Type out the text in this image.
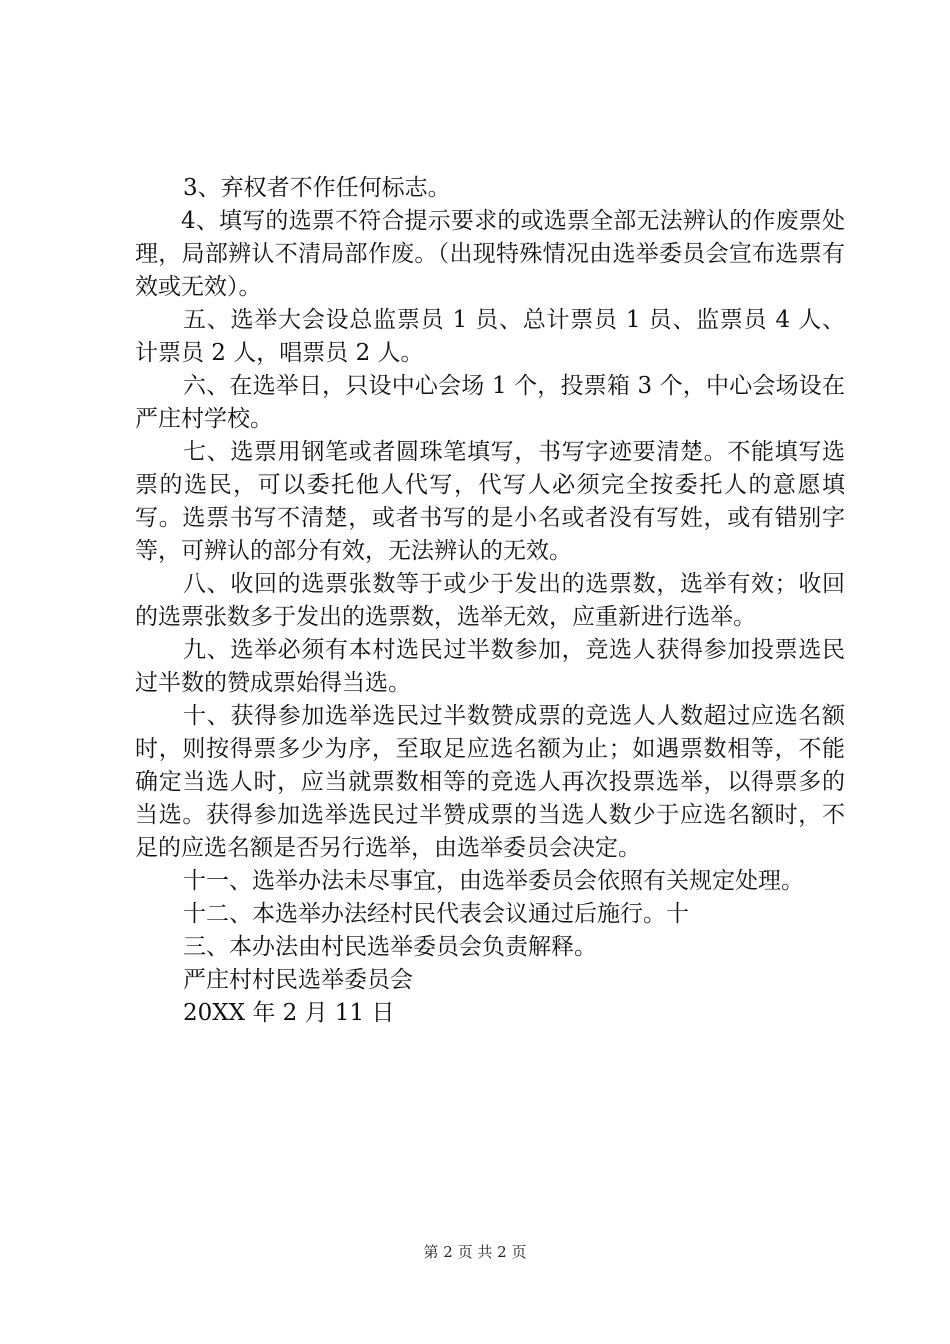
3、弃权者不作任何标志。

4、填写的选票不符合提示要求的或选票全部无法辨认的作废票处理，局部辨认不清局部作废。（出现特殊情况由选举委员会宣布选票有效或无效）。

五、选举大会设总监票员 1 员、总计票员 1 员、监票员 4 人、计票员 2 人，唱票员 2 人。

六、在选举日，只设中心会场 1 个，投票箱 3 个，中心会场设在严庄村学校。

七、选票用钢笔或者圆珠笔填写，书写字迹要清楚。不能填写选票的选民，可以委托他人代写，代写人必须完全按委托人的意愿填写。选票书写不清楚，或者书写的是小名或者没有写姓，或有错别字等，可辨认的部分有效，无法辨认的无效。

八、收回的选票张数等于或少于发出的选票数，选举有效；收回的选票张数多于发出的选票数，选举无效，应重新进行选举。

九、选举必须有本村选民过半数参加，竞选人获得参加投票选民过半数的赞成票始得当选。

十、获得参加选举选民过半数赞成票的竞选人人数超过应选名额时，则按得票多少为序，至取足应选名额为止；如遇票数相等，不能确定当选人时，应当就票数相等的竞选人再次投票选举，以得票多的当选。获得参加选举选民过半赞成票的当选人数少于应选名额时，不足的应选名额是否另行选举，由选举委员会决定。

十一、选举办法未尽事宜，由选举委员会依照有关规定处理。

十二、本选举办法经村民代表会议通过后施行。十

三、本办法由村民选举委员会负责解释。

严庄村村民选举委员会

20XX 年 2 月 11 日

第 2 页 共 2 页
